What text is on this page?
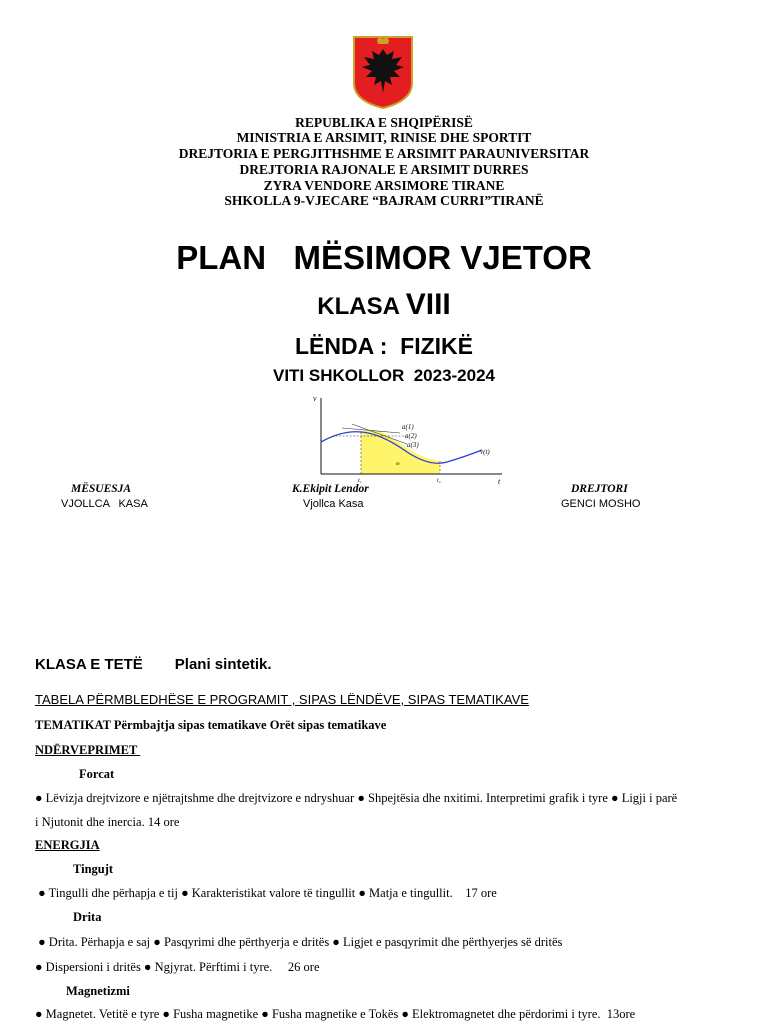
REPUBLIKA E SHQIPËRISË
MINISTRIA E ARSIMIT, RINISE DHE SPORTIT
DREJTORIA E PERGJITHSHME E ARSIMIT PARAUNIVERSITAR
DREJTORIA RAJONALE E ARSIMIT DURRES
ZYRA VENDORE ARSIMORE TIRANE
SHKOLLA 9-VJECARE “BAJRAM CURRI”TIRANË
PLAN   MËSIMOR VJETOR
KLASA VIII
LËNDA :  FIZIKË
VITI SHKOLLOR  2023-2024
v
t
a(1)
a(2)
a(3)
v(t)
t₁	t₂
m
MËSUESJA
VJOLLCA   KASA
K.Ekipit Lendor
Vjollca Kasa
DREJTORI
GENCI MOSHO
KLASA E TETË Plani sintetik.
TABELA PËRMBLEDHËSE E PROGRAMIT , SIPAS LËNDËVE, SIPAS TEMATIKAVE
TEMATIKAT Përmbajtja sipas tematikave Orët sipas tematikave
NDËRVEPRIMET
Forcat
● Lëvizja drejtvizore e njëtrajtshme dhe drejtvizore e ndryshuar ● Shpejtësia dhe nxitimi. Interpretimi grafik i tyre ● Ligji i parë
i Njutonit dhe inercia. 14 ore
ENERGJIA
Tingujt
● Tingulli dhe përhapja e tij ● Karakteristikat valore të tingullit ● Matja e tingullit.    17 ore
Drita
● Drita. Përhapja e saj ● Pasqyrimi dhe përthyerja e dritës ● Ligjet e pasqyrimit dhe përthyerjes së dritës
● Dispersioni i dritës ● Ngjyrat. Përftimi i tyre.     26 ore
Magnetizmi
● Magnetet. Vetitë e tyre ● Fusha magnetike ● Fusha magnetike e Tokës ● Elektromagnetet dhe përdorimi i tyre.  13ore
